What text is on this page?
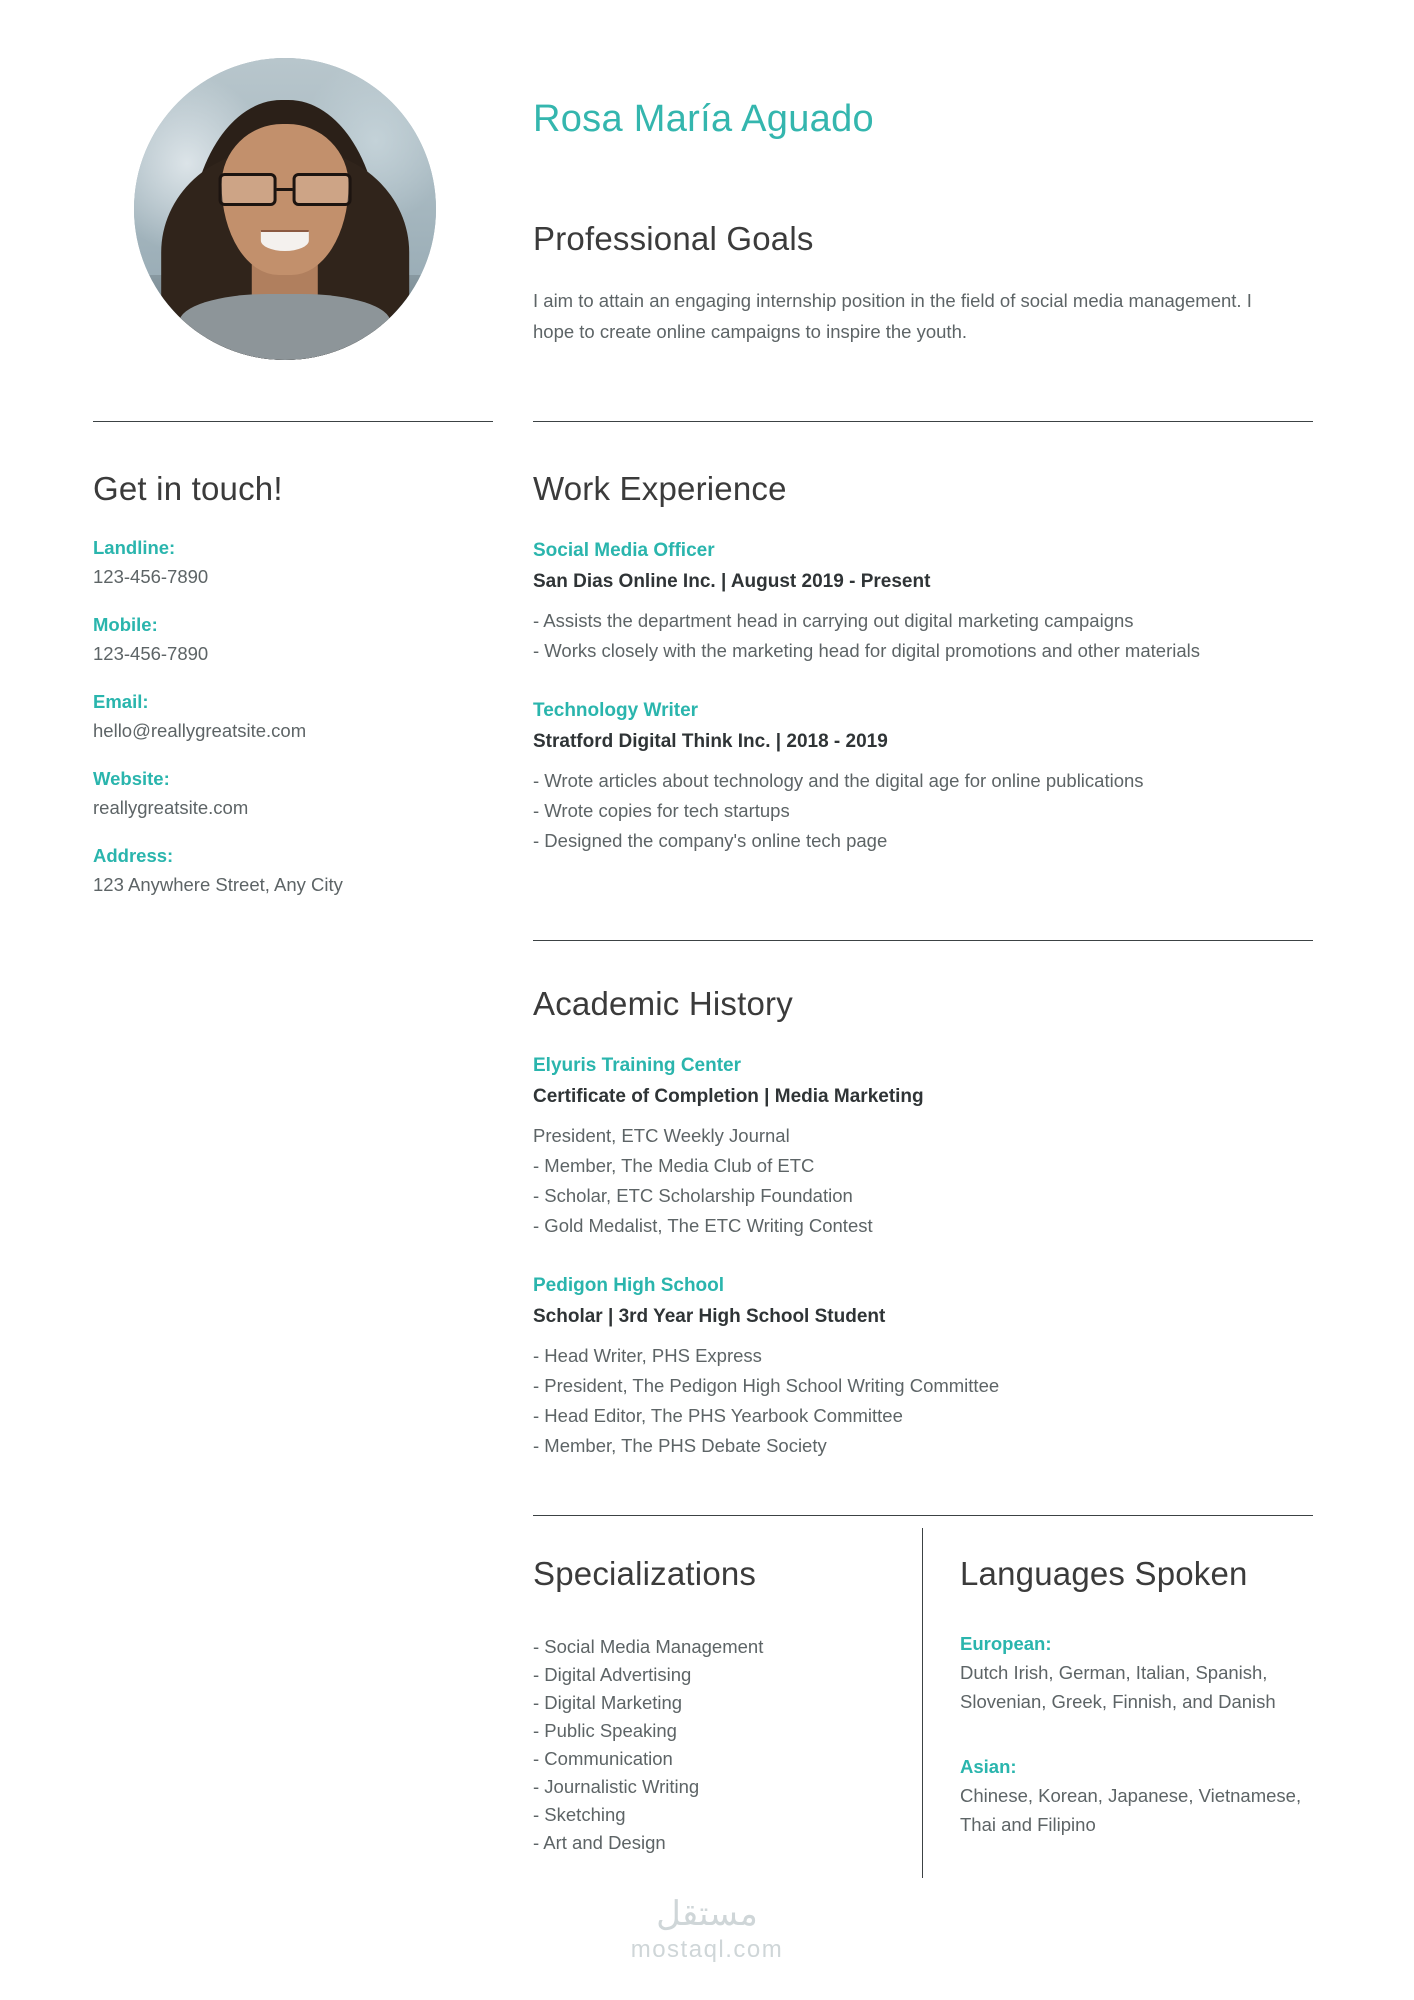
Rosa María Aguado
Professional Goals
I aim to attain an engaging internship position in the field of social media management. I hope to create online campaigns to inspire the youth.
Get in touch!
Landline:
123-456-7890
Mobile:
123-456-7890
Email:
hello@reallygreatsite.com
Website:
reallygreatsite.com
Address:
123 Anywhere Street, Any City
Work Experience
Social Media Officer
San Dias Online Inc. | August 2019 - Present
- Assists the department head in carrying out digital marketing campaigns
- Works closely with the marketing head for digital promotions and other materials
Technology Writer
Stratford Digital Think Inc. | 2018 - 2019
- Wrote articles about technology and the digital age for online publications
- Wrote copies for tech startups
- Designed the company's online tech page
Academic History
Elyuris Training Center
Certificate of Completion | Media Marketing
President, ETC Weekly Journal
- Member, The Media Club of ETC
- Scholar, ETC Scholarship Foundation
- Gold Medalist, The ETC Writing Contest
Pedigon High School
Scholar | 3rd Year High School Student
- Head Writer, PHS Express
- President, The Pedigon High School Writing Committee
- Head Editor, The PHS Yearbook Committee
- Member, The PHS Debate Society
Specializations
- Social Media Management
- Digital Advertising
- Digital Marketing
- Public Speaking
- Communication
- Journalistic Writing
- Sketching
- Art and Design
Languages Spoken
European:
Dutch Irish, German, Italian, Spanish, Slovenian, Greek, Finnish, and Danish
Asian:
Chinese, Korean, Japanese, Vietnamese, Thai and Filipino
مستقل
mostaql.com
